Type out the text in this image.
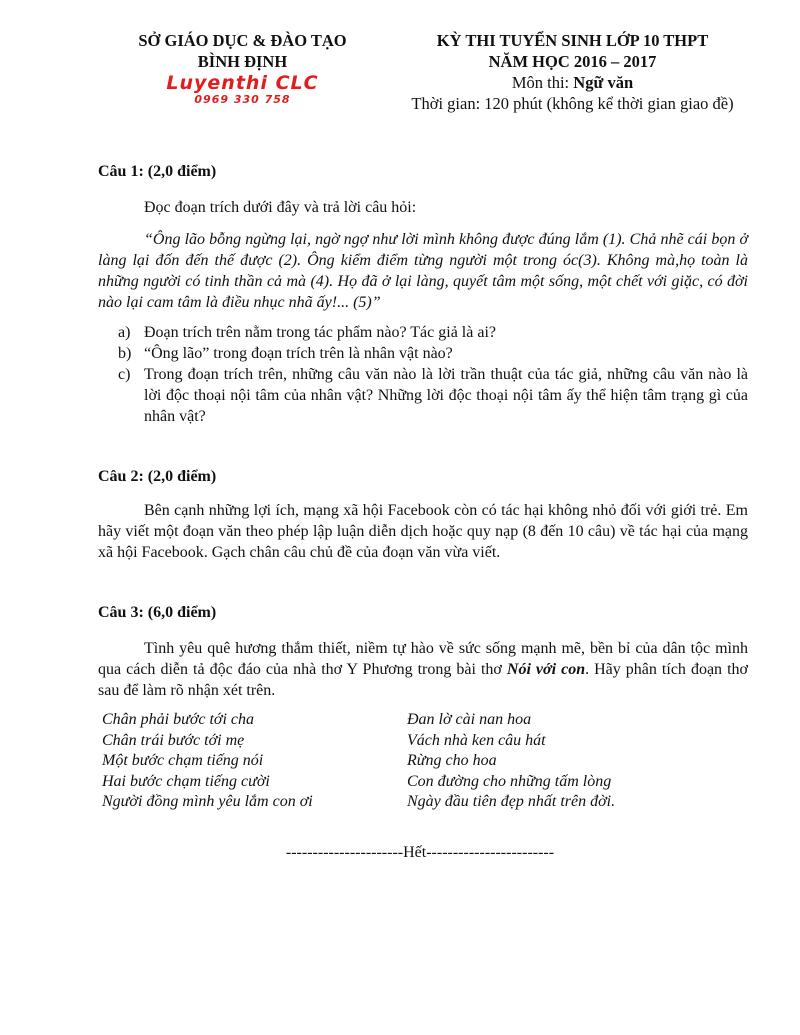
SỞ GIÁO DỤC & ĐÀO TẠO
BÌNH ĐỊNH
Luyenthi CLC
0969 330 758
KỲ THI TUYỂN SINH LỚP 10 THPT
NĂM HỌC 2016 – 2017
Môn thi: Ngữ văn
Thời gian: 120 phút (không kể thời gian giao đề)
Câu 1: (2,0 điểm)
Đọc đoạn trích dưới đây và trả lời câu hỏi:
“Ông lão bỗng ngừng lại, ngờ ngợ như lời mình không được đúng lắm (1). Chả nhẽ cái bọn ở làng lại đốn đến thế được (2). Ông kiểm điểm từng người một trong óc(3). Không mà,họ toàn là những người có tinh thần cả mà (4). Họ đã ở lại làng, quyết tâm một sống, một chết với giặc, có đời nào lại cam tâm là điều nhục nhã ấy!... (5)”
a) Đoạn trích trên nằm trong tác phẩm nào? Tác giả là ai?
b) “Ông lão” trong đoạn trích trên là nhân vật nào?
c) Trong đoạn trích trên, những câu văn nào là lời trần thuật của tác giả, những câu văn nào là lời độc thoại nội tâm của nhân vật? Những lời độc thoại nội tâm ấy thể hiện tâm trạng gì của nhân vật?
Câu 2: (2,0 điểm)
Bên cạnh những lợi ích, mạng xã hội Facebook còn có tác hại không nhỏ đối với giới trẻ. Em hãy viết một đoạn văn theo phép lập luận diễn dịch hoặc quy nạp (8 đến 10 câu) về tác hại của mạng xã hội Facebook. Gạch chân câu chủ đề của đoạn văn vừa viết.
Câu 3: (6,0 điểm)
Tình yêu quê hương thắm thiết, niềm tự hào về sức sống mạnh mẽ, bền bỉ của dân tộc mình qua cách diễn tả độc đáo của nhà thơ Y Phương trong bài thơ Nói với con. Hãy phân tích đoạn thơ sau để làm rõ nhận xét trên.
Chân phải bước tới cha
Chân trái bước tới mẹ
Một bước chạm tiếng nói
Hai bước chạm tiếng cười
Người đồng mình yêu lắm con ơi
Đan lờ cài nan hoa
Vách nhà ken câu hát
Rừng cho hoa
Con đường cho những tấm lòng
Ngày đầu tiên đẹp nhất trên đời.
----------------------Hết------------------------
